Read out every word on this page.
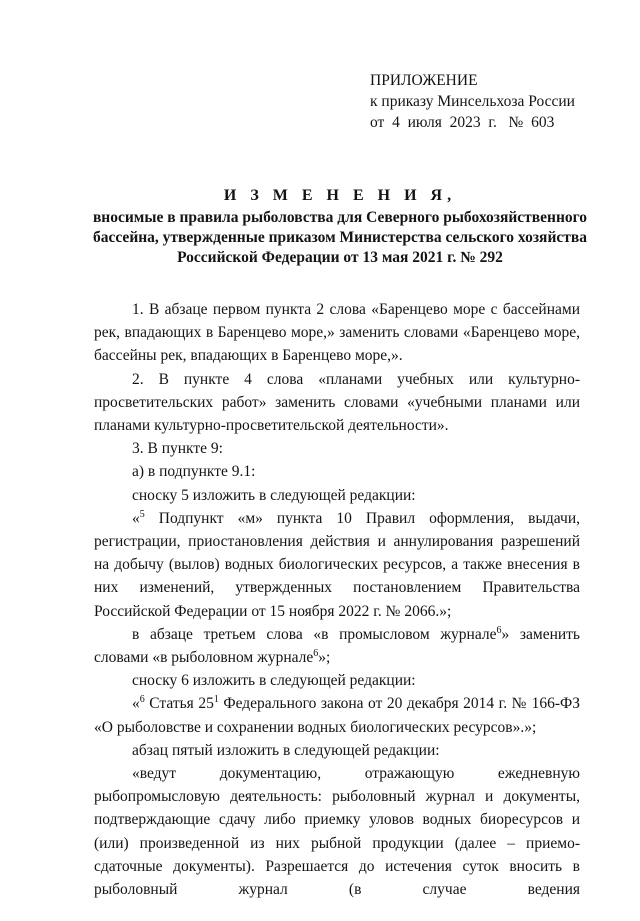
ПРИЛОЖЕНИЕ
к приказу Минсельхоза России
от  4  июля  2023  г.   №  603
И З М Е Н Е Н И Я,
вносимые в правила рыболовства для Северного рыбохозяйственного
бассейна, утвержденные приказом Министерства сельского хозяйства
Российской Федерации от 13 мая 2021 г. № 292

1. В абзаце первом пункта 2 слова «Баренцево море с бассейнами рек, впадающих в Баренцево море,» заменить словами «Баренцево море, бассейны рек, впадающих в Баренцево море,».

2. В пункте 4 слова «планами учебных или культурно-просветительских работ» заменить словами «учебными планами или планами культурно-просветительской деятельности».

3. В пункте 9:

а) в подпункте 9.1:

сноску 5 изложить в следующей редакции:

«$^5$ Подпункт «м» пункта 10 Правил оформления, выдачи, регистрации, приостановления действия и аннулирования разрешений на добычу (вылов) водных биологических ресурсов, а также внесения в них изменений, утвержденных постановлением Правительства Российской Федерации от 15 ноября 2022 г. № 2066.»;

в абзаце третьем слова «в промысловом журнале$^6$» заменить словами «в рыболовном журнале$^6$»;

сноску 6 изложить в следующей редакции:

«$^6$ Статья $25^1$ Федерального закона от 20 декабря 2014 г. № 166-ФЗ «О рыболовстве и сохранении водных биологических ресурсов».»;

абзац пятый изложить в следующей редакции:

«ведут документацию, отражающую ежедневную рыбопромысловую деятельность: рыболовный журнал и документы, подтверждающие сдачу либо приемку уловов водных биоресурсов и (или) произведенной из них рыбной продукции (далее – приемо-сдаточные документы). Разрешается до истечения суток вносить в рыболовный журнал (в случае ведения
